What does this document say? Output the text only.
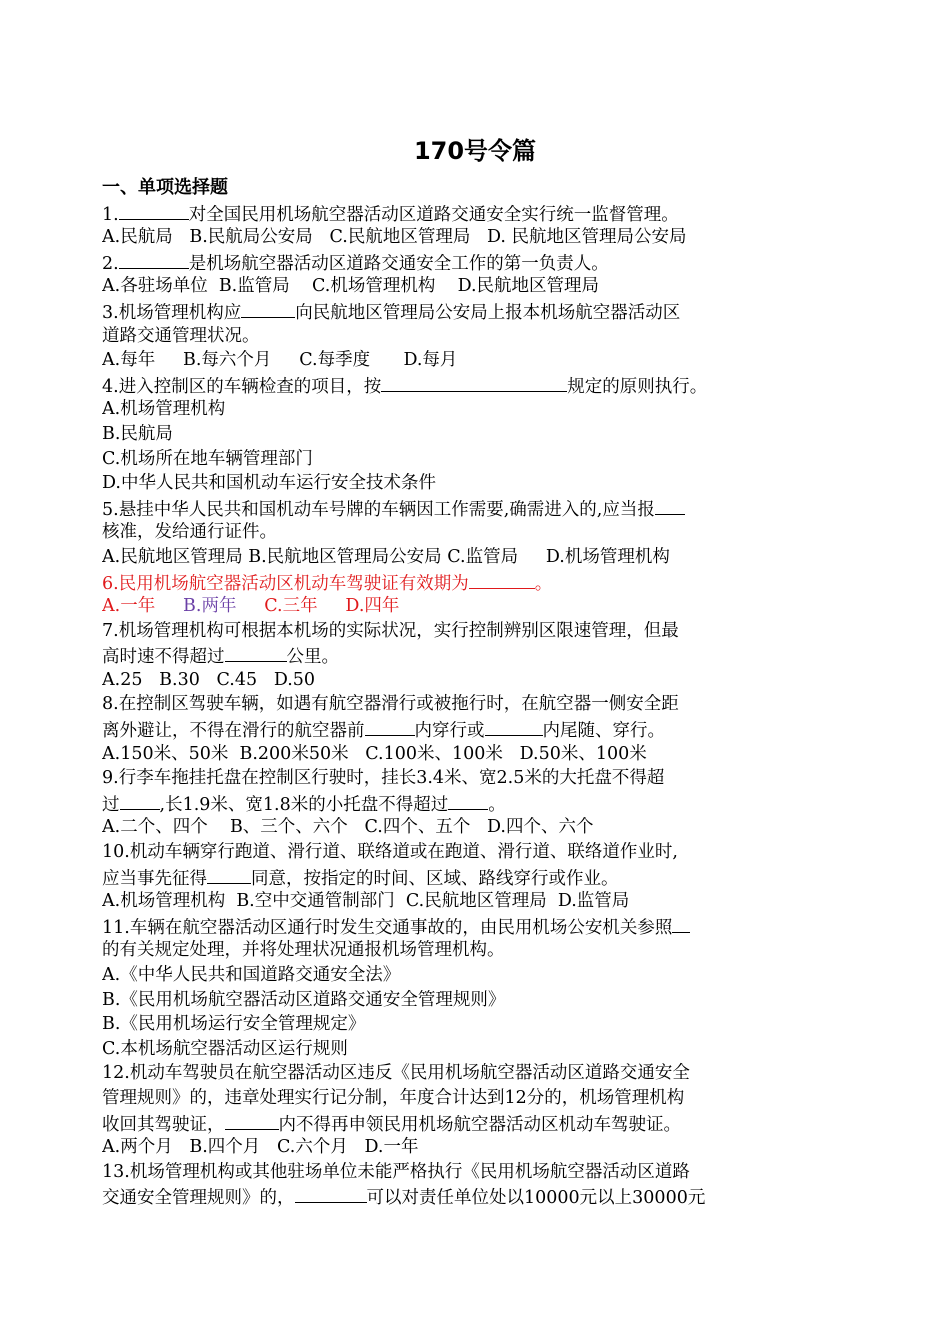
170号令篇
一、单项选择题
1.	对全国民用机场航空器活动区道路交通安全实行统一监督管理。
A.民航局   B.民航局公安局   C.民航地区管理局   D. 民航地区管理局公安局
2.	是机场航空器活动区道路交通安全工作的第一负责人。
A.各驻场单位  B.监管局    C.机场管理机构    D.民航地区管理局
3.机场管理机构应	向民航地区管理局公安局上报本机场航空器活动区
道路交通管理状况。
A.每年     B.每六个月     C.每季度      D.每月
4.进入控制区的车辆检查的项目，按	规定的原则执行。
A.机场管理机构
B.民航局
C.机场所在地车辆管理部门
D.中华人民共和国机动车运行安全技术条件
5.悬挂中华人民共和国机动车号牌的车辆因工作需要,确需进入的,应当报
核准，发给通行证件。
A.民航地区管理局 B.民航地区管理局公安局 C.监管局     D.机场管理机构
6.民用机场航空器活动区机动车驾驶证有效期为	。
A.一年     B.两年     C.三年     D.四年
7.机场管理机构可根据本机场的实际状况，实行控制辨别区限速管理，但最
高时速不得超过	公里。
A.25   B.30   C.45   D.50
8.在控制区驾驶车辆，如遇有航空器滑行或被拖行时，在航空器一侧安全距
离外避让，不得在滑行的航空器前	内穿行或	内尾随、穿行。
A.150米、50米  B.200米50米   C.100米、100米   D.50米、100米
9.行李车拖挂托盘在控制区行驶时，挂长3.4米、宽2.5米的大托盘不得超
过 ,长1.9米、宽1.8米的小托盘不得超过 。
A.二个、四个    B、三个、六个   C.四个、五个   D.四个、六个
10.机动车辆穿行跑道、滑行道、联络道或在跑道、滑行道、联络道作业时,
应当事先征得	同意，按指定的时间、区域、路线穿行或作业。
A.机场管理机构  B.空中交通管制部门  C.民航地区管理局  D.监管局
11.车辆在航空器活动区通行时发生交通事故的，由民用机场公安机关参照
的有关规定处理，并将处理状况通报机场管理机构。
A.《中华人民共和国道路交通安全法》
B.《民用机场航空器活动区道路交通安全管理规则》
B.《民用机场运行安全管理规定》
C.本机场航空器活动区运行规则
12.机动车驾驶员在航空器活动区违反《民用机场航空器活动区道路交通安全
管理规则》的，违章处理实行记分制，年度合计达到12分的，机场管理机构
收回其驾驶证，	内不得再申领民用机场航空器活动区机动车驾驶证。
A.两个月   B.四个月   C.六个月   D.一年
13.机场管理机构或其他驻场单位未能严格执行《民用机场航空器活动区道路
交通安全管理规则》的，	可以对责任单位处以10000元以上30000元
